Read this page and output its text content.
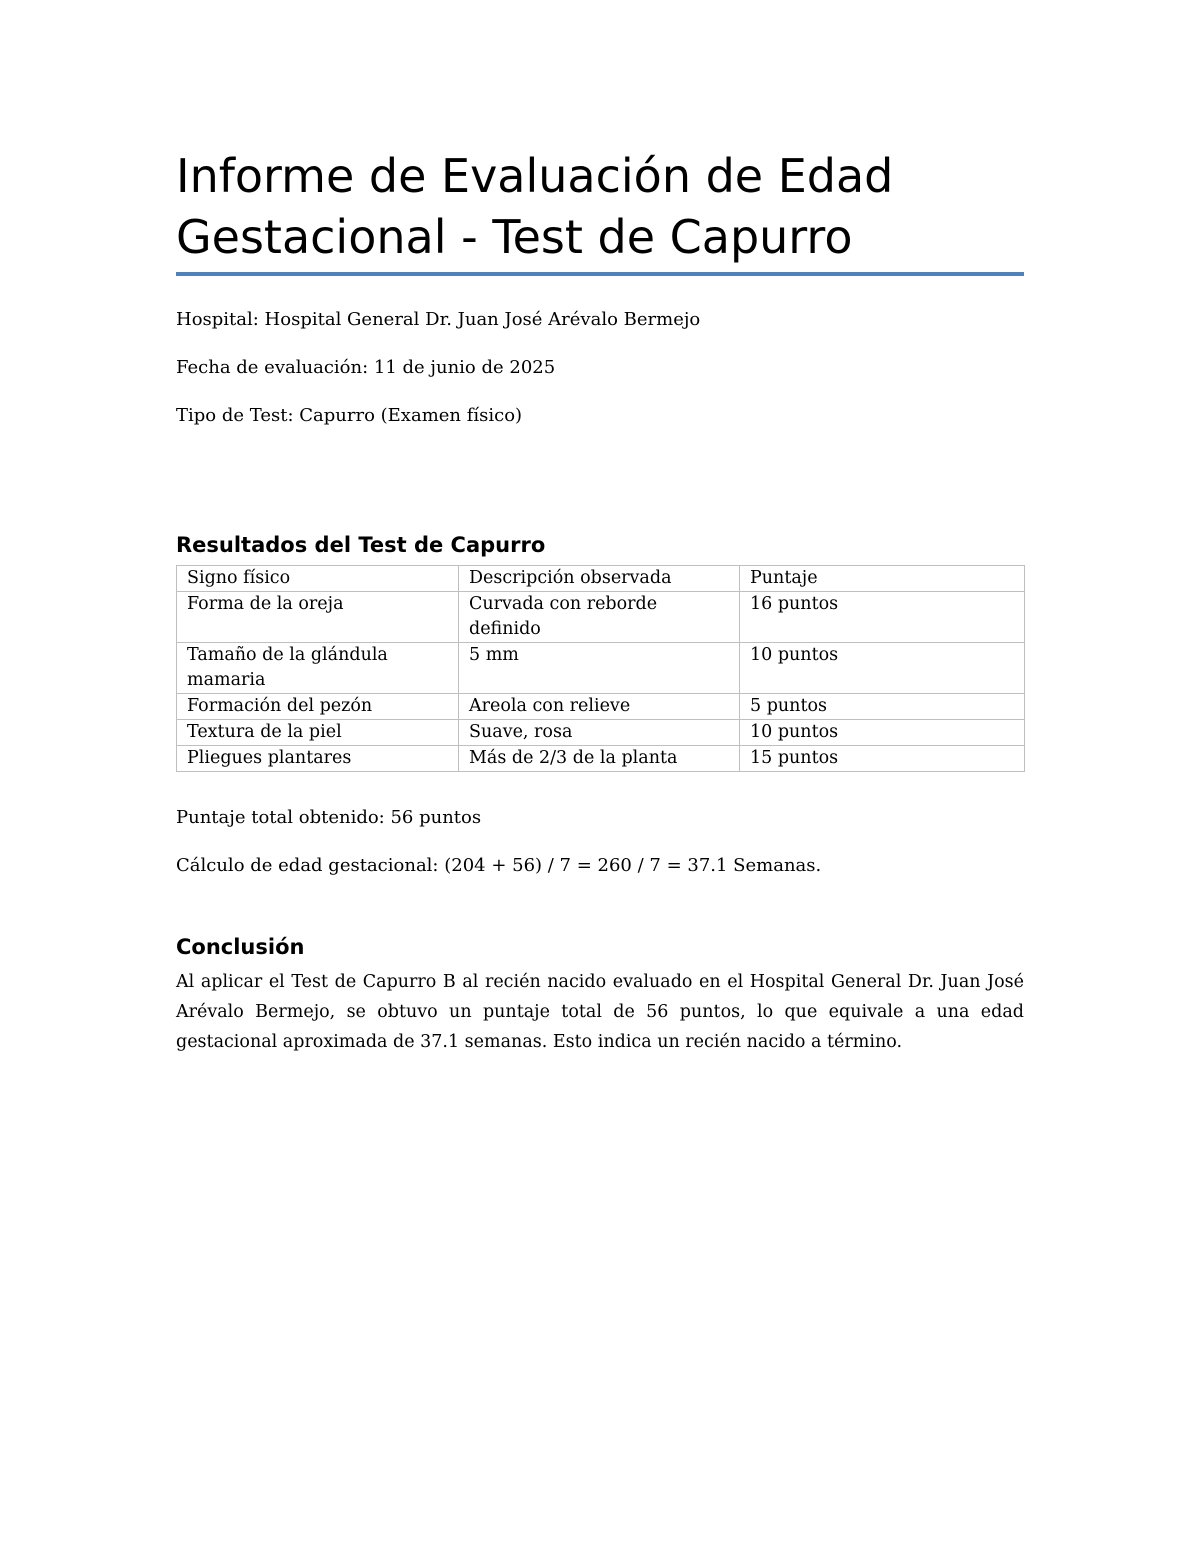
Informe de Evaluación de Edad
Gestacional - Test de Capurro

Hospital: Hospital General Dr. Juan José Arévalo Bermejo

Fecha de evaluación: 11 de junio de 2025

Tipo de Test: Capurro (Examen físico)

Resultados del Test de Capurro
Signo físico	Descripción observada	Puntaje
Forma de la oreja	Curvada con reborde definido	16 puntos
Tamaño de la glándula mamaria	5 mm	10 puntos
Formación del pezón	Areola con relieve	5 puntos
Textura de la piel	Suave, rosa	10 puntos
Pliegues plantares	Más de 2/3 de la planta	15 puntos

Puntaje total obtenido: 56 puntos

Cálculo de edad gestacional: (204 + 56) / 7 = 260 / 7 = 37.1 Semanas.

Conclusión

Al aplicar el Test de Capurro B al recién nacido evaluado en el Hospital General Dr. Juan José Arévalo Bermejo, se obtuvo un puntaje total de 56 puntos, lo que equivale a una edad gestacional aproximada de 37.1 semanas. Esto indica un recién nacido a término.
